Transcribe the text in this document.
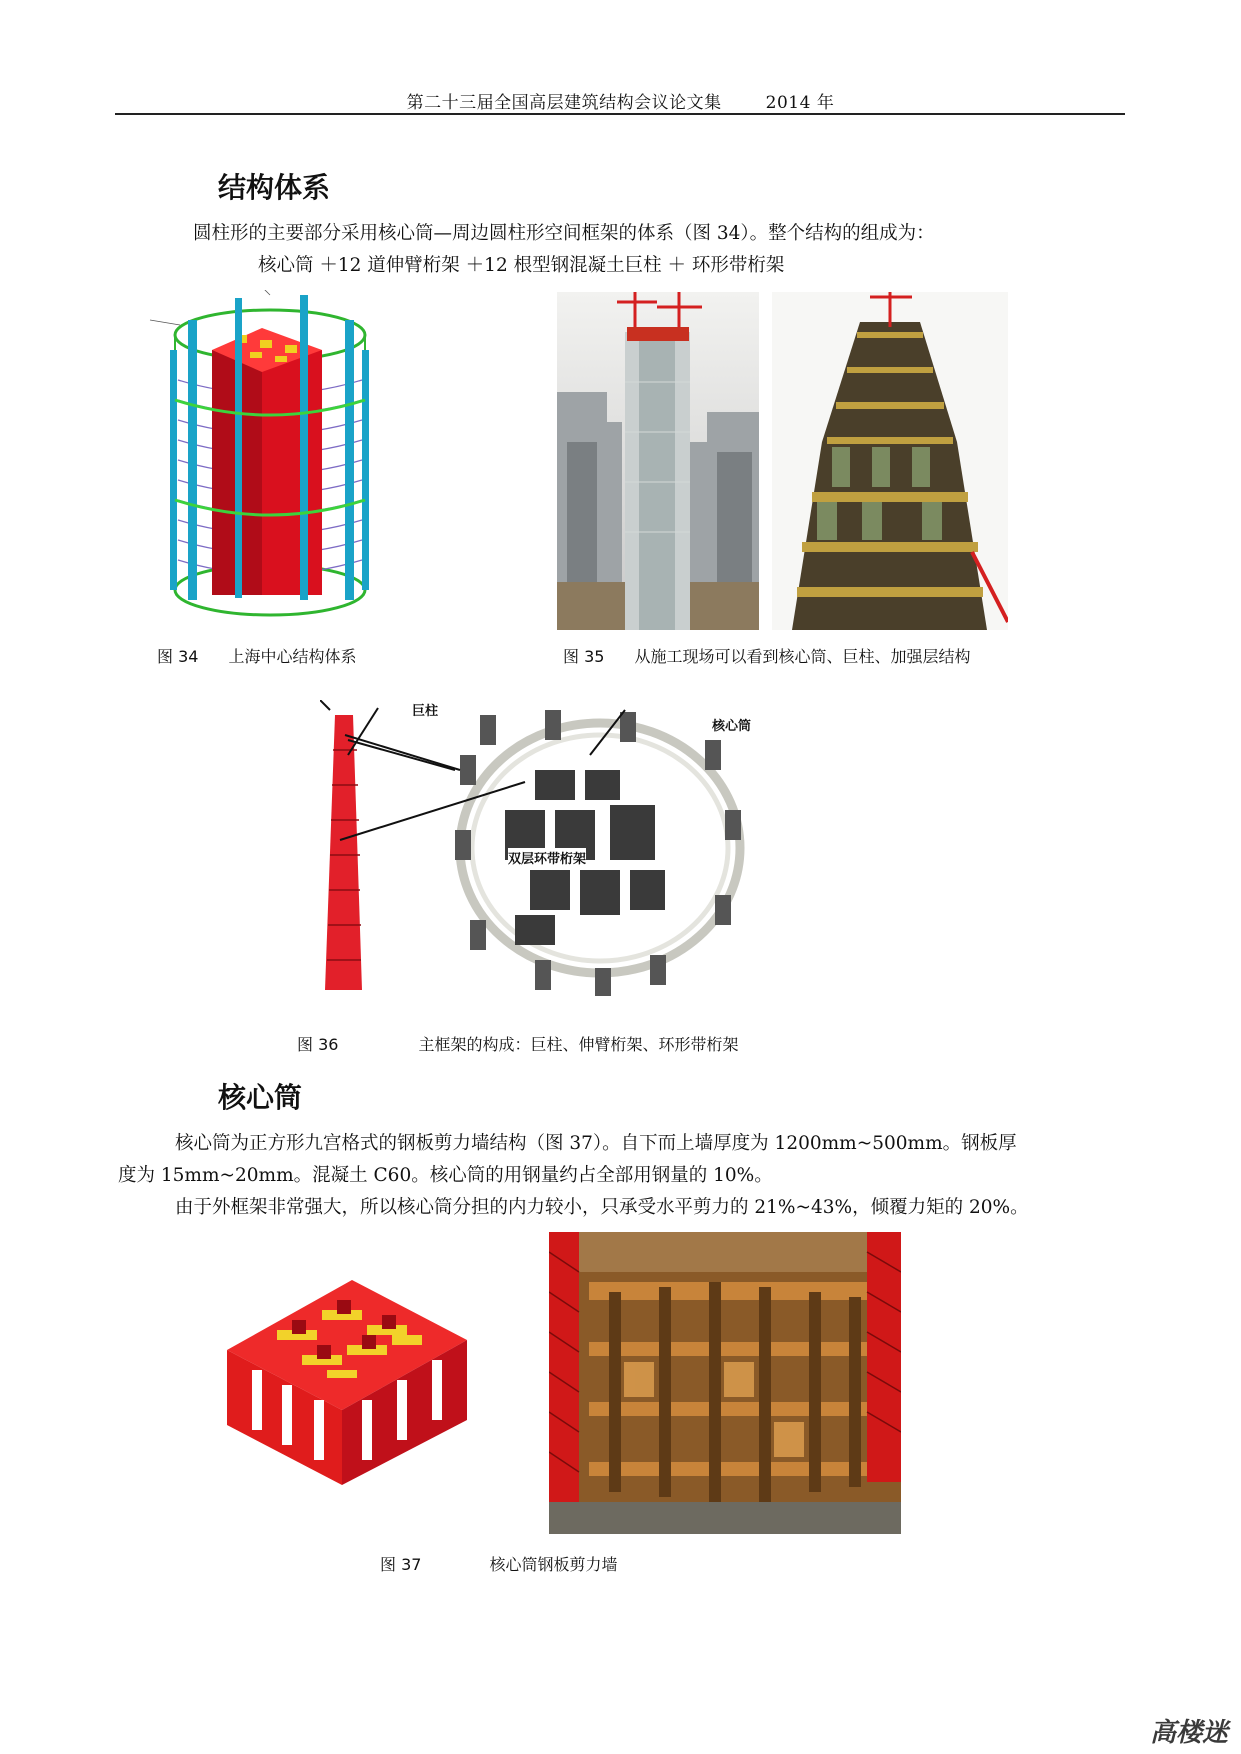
第二十三届全国高层建筑结构会议论文集	2014 年
结构体系
圆柱形的主要部分采用核心筒—周边圆柱形空间框架的体系（图 34）。整个结构的组成为：
核心筒 ＋12 道伸臂桁架 ＋12 根型钢混凝土巨柱 ＋ 环形带桁架
图 34 上海中心结构体系	图 35 从施工现场可以看到核心筒、巨柱、加强层结构
巨柱
核心筒
双层环带桁架
图 36	主框架的构成：巨柱、伸臂桁架、环形带桁架
核心筒
核心筒为正方形九宫格式的钢板剪力墙结构（图 37）。自下而上墙厚度为 1200mm~500mm。钢板厚
度为 15mm~20mm。混凝土 C60。核心筒的用钢量约占全部用钢量的 10%。
由于外框架非常强大，所以核心筒分担的内力较小，只承受水平剪力的 21%~43%，倾覆力矩的 20%。
图 37	核心筒钢板剪力墙
高楼迷
